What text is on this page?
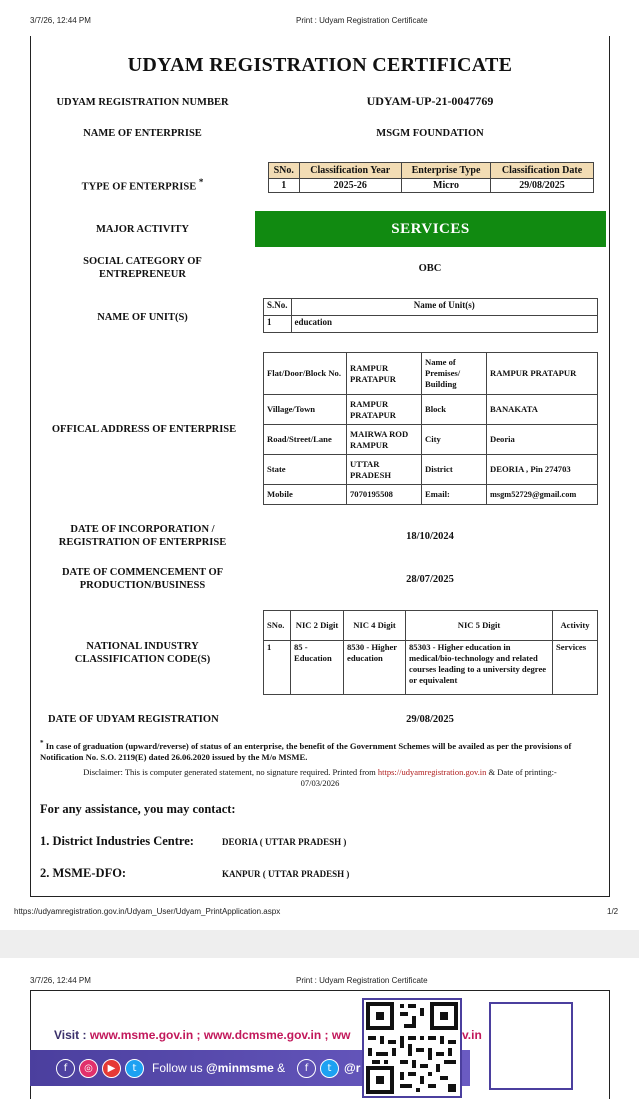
3/7/26, 12:44 PM	Print : Udyam Registration Certificate
UDYAM REGISTRATION CERTIFICATE
UDYAM REGISTRATION NUMBER	UDYAM-UP-21-0047769
NAME OF ENTERPRISE	MSGM FOUNDATION
TYPE OF ENTERPRISE *
SNo.	Classification Year	Enterprise Type	Classification Date
1	2025-26	Micro	29/08/2025
MAJOR ACTIVITY	SERVICES
SOCIAL CATEGORY OF
ENTREPRENEUR
OBC
NAME OF UNIT(S)
S.No.	Name of Unit(s)
1	education
OFFICAL ADDRESS OF ENTERPRISE
Flat/Door/Block No.	RAMPUR PRATAPUR	Name of Premises/ Building	RAMPUR PRATAPUR
Village/Town	RAMPUR PRATAPUR	Block	BANAKATA
Road/Street/Lane	MAIRWA ROD RAMPUR	City	Deoria
State	UTTAR PRADESH	District	DEORIA , Pin 274703
Mobile	7070195508	Email:	msgm52729@gmail.com
DATE OF INCORPORATION /
REGISTRATION OF ENTERPRISE
18/10/2024
DATE OF COMMENCEMENT OF
PRODUCTION/BUSINESS
28/07/2025
NATIONAL INDUSTRY
CLASSIFICATION CODE(S)
SNo.	NIC 2 Digit	NIC 4 Digit	NIC 5 Digit	Activity
1	85 - Education	8530 - Higher education	85303 - Higher education in medical/bio-technology and related courses leading to a university degree or equivalent	Services
DATE OF UDYAM REGISTRATION	29/08/2025
* In case of graduation (upward/reverse) of status of an enterprise, the benefit of the Government Schemes will be availed as per the provisions of Notification No. S.O. 2119(E) dated 26.06.2020 issued by the M/o MSME.
Disclaimer: This is computer generated statement, no signature required. Printed from https://udyamregistration.gov.in & Date of printing:-
07/03/2026
For any assistance, you may contact:
1. District Industries Centre:	DEORIA ( UTTAR PRADESH )
2. MSME-DFO:	KANPUR ( UTTAR PRADESH )
https://udyamregistration.gov.in/Udyam_User/Udyam_PrintApplication.aspx	1/2
3/7/26, 12:44 PM	Print : Udyam Registration Certificate
Visit : www.msme.gov.in ; www.dcmsme.gov.in ; ww	v.in
f	◎	▶	t	Follow us @minmsme &	f	t	@r
